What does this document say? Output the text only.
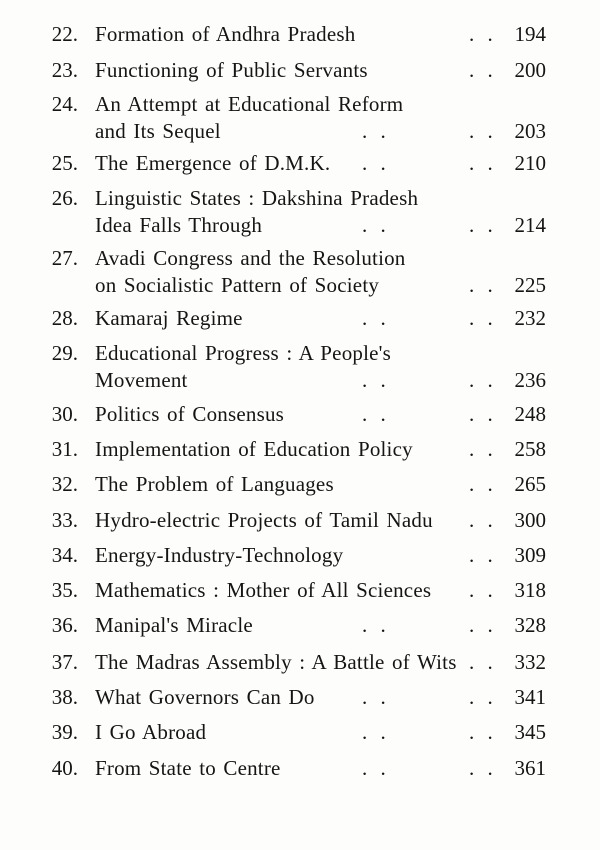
22. Formation of Andhra Pradesh	. . 194
23. Functioning of Public Servants	. . 200
24. An Attempt at Educational Reform
and Its Sequel	. .	. . 203
25. The Emergence of D.M.K. . .	. . 210
26. Linguistic States : Dakshina Pradesh
Idea Falls Through	. .	. . 214
27. Avadi Congress and the Resolution
on Socialistic Pattern of Society	. . 225
28. Kamaraj Regime	. .	. . 232
29. Educational Progress : A People's
Movement	. .	. . 236
30. Politics of Consensus	. .	. . 248
31. Implementation of Education Policy	. . 258
32. The Problem of Languages	. . 265
33. Hydro-electric Projects of Tamil Nadu . . 300
34. Energy-Industry-Technology	. . 309
35. Mathematics : Mother of All Sciences . . 318
36. Manipal's Miracle	. .	. . 328
37. The Madras Assembly : A Battle of Wits . . 332
38. What Governors Can Do . .	. . 341
39. I Go Abroad	. .	. . 345
40. From State to Centre	. .	. . 361
